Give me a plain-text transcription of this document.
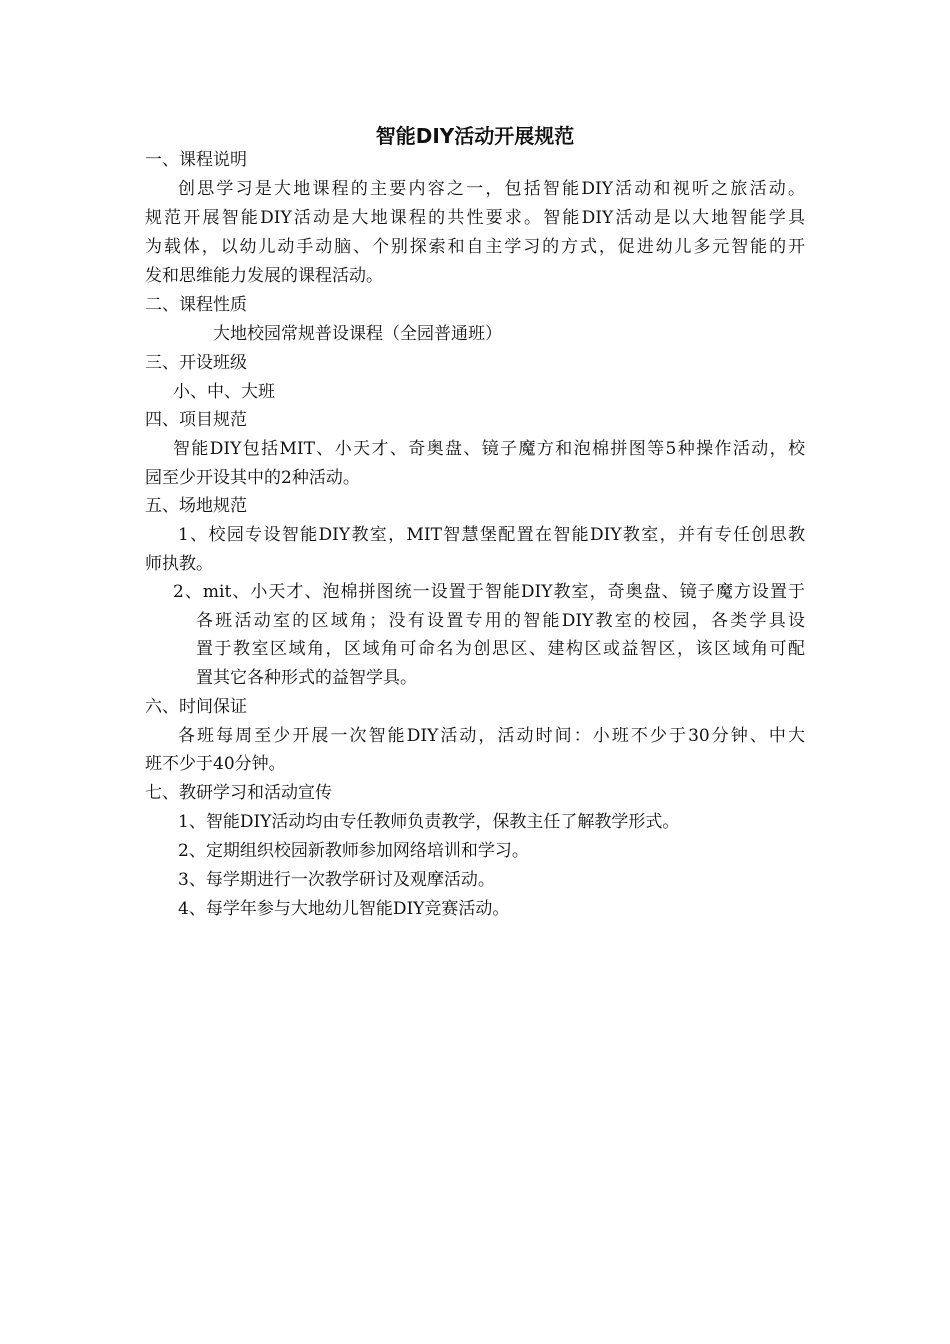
智能DIY活动开展规范
一、课程说明
创思学习是大地课程的主要内容之一，包括智能DIY活动和视听之旅活动。
规范开展智能DIY活动是大地课程的共性要求。智能DIY活动是以大地智能学具
为载体，以幼儿动手动脑、个别探索和自主学习的方式，促进幼儿多元智能的开
发和思维能力发展的课程活动。
二、课程性质
大地校园常规普设课程（全园普通班）
三、开设班级
小、中、大班
四、项目规范
智能DIY包括MIT、小天才、奇奥盘、镜子魔方和泡棉拼图等5种操作活动，校
园至少开设其中的2种活动。
五、场地规范
1、校园专设智能DIY教室，MIT智慧堡配置在智能DIY教室，并有专任创思教
师执教。
2、mit、小天才、泡棉拼图统一设置于智能DIY教室，奇奥盘、镜子魔方设置于
各班活动室的区域角；没有设置专用的智能DIY教室的校园，各类学具设
置于教室区域角，区域角可命名为创思区、建构区或益智区，该区域角可配
置其它各种形式的益智学具。
六、时间保证
各班每周至少开展一次智能DIY活动，活动时间：小班不少于30分钟、中大
班不少于40分钟。
七、教研学习和活动宣传
1、智能DIY活动均由专任教师负责教学，保教主任了解教学形式。
2、定期组织校园新教师参加网络培训和学习。
3、每学期进行一次教学研讨及观摩活动。
4、每学年参与大地幼儿智能DIY竞赛活动。
